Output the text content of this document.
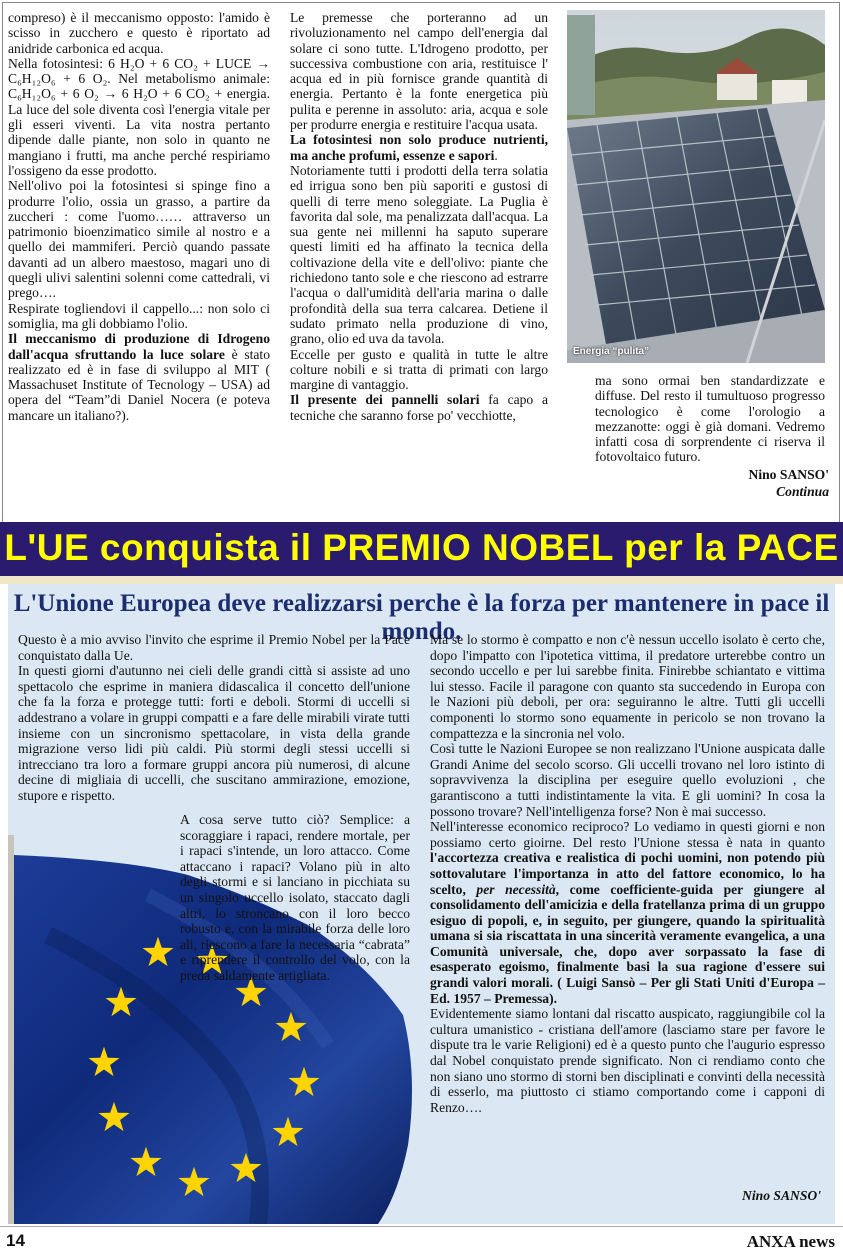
compreso) è il meccanismo opposto: l'amido è scisso in zucchero e questo è riportato ad anidride carbonica ed acqua.

Nella fotosintesi: 6 H₂O + 6 CO₂ + LUCE → C₆H₁₂O₆ + 6 O₂. Nel metabolismo animale: C₆H₁₂O₆ + 6 O₂ → 6 H₂O + 6 CO₂ + energia. La luce del sole diventa così l'energia vitale per gli esseri viventi. La vita nostra pertanto dipende dalle piante, non solo in quanto ne mangiano i frutti, ma anche perché respiriamo l'ossigeno da esse prodotto.

Nell'olivo poi la fotosintesi si spinge fino a produrre l'olio, ossia un grasso, a partire da zuccheri : come l'uomo…… attraverso un patrimonio bioenzimatico simile al nostro e a quello dei mammiferi. Perciò quando passate davanti ad un albero maestoso, magari uno di quegli ulivi salentini solenni come cattedrali, vi prego….

Respirate togliendovi il cappello...: non solo ci somiglia, ma gli dobbiamo l'olio.

Il meccanismo di produzione di Idrogeno dall'acqua sfruttando la luce solare è stato realizzato ed è in fase di sviluppo al MIT ( Massachuset Institute of Tecnology – USA) ad opera del “Team”di Daniel Nocera (e poteva mancare un italiano?).

Le premesse che porteranno ad un rivoluzionamento nel campo dell'energia dal solare ci sono tutte. L'Idrogeno prodotto, per successiva combustione con aria, restituisce l' acqua ed in più fornisce grande quantità di energia. Pertanto è la fonte energetica più pulita e perenne in assoluto: aria, acqua e sole per produrre energia e restituire l'acqua usata.

La fotosintesi non solo produce nutrienti, ma anche profumi, essenze e sapori.

Notoriamente tutti i prodotti della terra solatia ed irrigua sono ben più saporiti e gustosi di quelli di terre meno soleggiate. La Puglia è favorita dal sole, ma penalizzata dall'acqua. La sua gente nei millenni ha saputo superare questi limiti ed ha affinato la tecnica della coltivazione della vite e dell'olivo: piante che richiedono tanto sole e che riescono ad estrarre l'acqua o dall'umidità dell'aria marina o dalle profondità della sua terra calcarea. Detiene il sudato primato nella produzione di vino, grano, olio ed uva da tavola.

Eccelle per gusto e qualità in tutte le altre colture nobili e si tratta di primati con largo margine di vantaggio.

Il presente dei pannelli solari fa capo a tecniche che saranno forse po' vecchiotte,

Energia “pulita”

ma sono ormai ben standardizzate e diffuse. Del resto il tumultuoso progresso tecnologico è come l'orologio a mezzanotte: oggi è già domani. Vedremo infatti cosa di sorprendente ci riserva il fotovoltaico futuro.

Nino SANSO'
Continua
L'UE conquista il PREMIO NOBEL per la PACE
L'Unione Europea deve realizzarsi perche è la forza per mantenere in pace il mondo.

Questo è a mio avviso l'invito che esprime il Premio Nobel per la Pace conquistato dalla Ue.

In questi giorni d'autunno nei cieli delle grandi città si assiste ad uno spettacolo che esprime in maniera didascalica il concetto dell'unione che fa la forza e protegge tutti: forti e deboli. Stormi di uccelli si addestrano a volare in gruppi compatti e a fare delle mirabili virate tutti insieme con un sincronismo spettacolare, in vista della grande migrazione verso lidi più caldi. Più stormi degli stessi uccelli si intrecciano tra loro a formare gruppi ancora più numerosi, di alcune decine di migliaia di uccelli, che suscitano ammirazione, emozione, stupore e rispetto.

A cosa serve tutto ciò? Semplice: a scoraggiare i rapaci, rendere mortale, per i rapaci s'intende, un loro attacco. Come attaccano i rapaci? Volano più in alto degli stormi e si lanciano in picchiata su un singolo uccello isolato, staccato dagli altri, lo stroncano con il loro becco robusto e, con la mirabile forza delle loro ali, riescono a fare la necessaria “cabrata” e riprendere il controllo del volo, con la preda saldamente artigliata.

Ma se lo stormo è compatto e non c'è nessun uccello isolato è certo che, dopo l'impatto con l'ipotetica vittima, il predatore urterebbe contro un secondo uccello e per lui sarebbe finita. Finirebbe schiantato e vittima lui stesso. Facile il paragone con quanto sta succedendo in Europa con le Nazioni più deboli, per ora: seguiranno le altre. Tutti gli uccelli componenti lo stormo sono equamente in pericolo se non trovano la compattezza e la sincronia nel volo.

Così tutte le Nazioni Europee se non realizzano l'Unione auspicata dalle Grandi Anime del secolo scorso. Gli uccelli trovano nel loro istinto di sopravvivenza la disciplina per eseguire quello evoluzioni , che garantiscono a tutti indistintamente la vita. E gli uomini? In cosa la possono trovare? Nell'intelligenza forse? Non è mai successo.

Nell'interesse economico reciproco? Lo vediamo in questi giorni e non possiamo certo gioirne. Del resto l'Unione stessa è nata in quanto l'accortezza creativa e realistica di pochi uomini, non potendo più sottovalutare l'importanza in atto del fattore economico, lo ha scelto, per necessità, come coefficiente-guida per giungere al consolidamento dell'amicizia e della fratellanza prima di un gruppo esiguo di popoli, e, in seguito, per giungere, quando la spiritualità umana si sia riscattata in una sincerità veramente evangelica, a una Comunità universale, che, dopo aver sorpassato la fase di esasperato egoismo, finalmente basi la sua ragione d'essere sui grandi valori morali. ( Luigi Sansò – Per gli Stati Uniti d'Europa – Ed. 1957 – Premessa).

Evidentemente siamo lontani dal riscatto auspicato, raggiungibile col la cultura umanistico - cristiana dell'amore (lasciamo stare per favore le dispute tra le varie Religioni) ed è a questo punto che l'augurio espresso dal Nobel conquistato prende significato. Non ci rendiamo conto che non siano uno stormo di storni ben disciplinati e convinti della necessità di esserlo, ma piuttosto ci stiamo comportando come i capponi di Renzo….

Nino SANSO'
14	ANXA news
